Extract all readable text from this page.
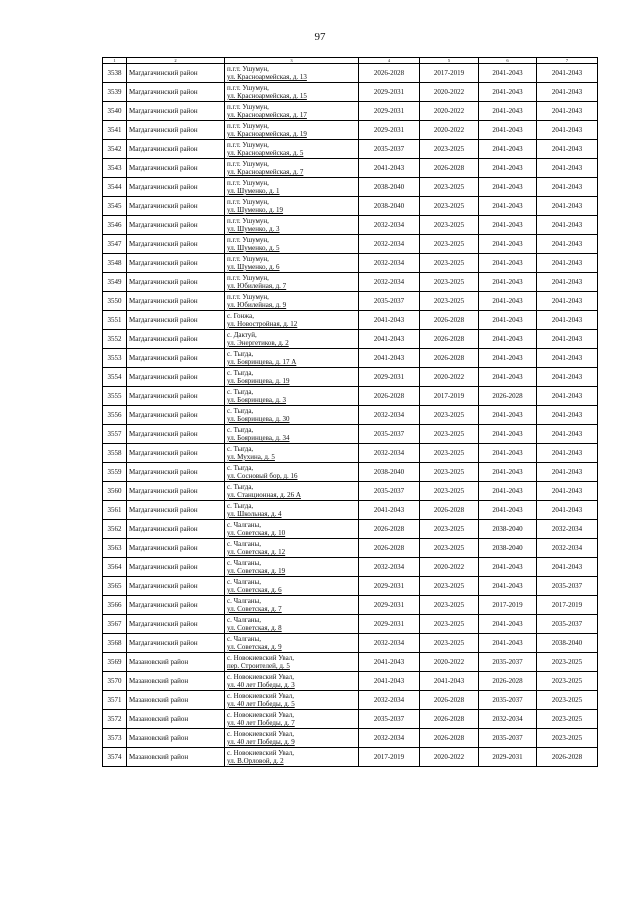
97
1	2	3	4	5	6	7
3538	Магдагачинский район	п.г.т. Ушумун,
ул. Красноармейская, д. 13	2026-2028	2017-2019	2041-2043	2041-2043
3539	Магдагачинский район	п.г.т. Ушумун,
ул. Красноармейская, д. 15	2029-2031	2020-2022	2041-2043	2041-2043
3540	Магдагачинский район	п.г.т. Ушумун,
ул. Красноармейская, д. 17	2029-2031	2020-2022	2041-2043	2041-2043
3541	Магдагачинский район	п.г.т. Ушумун,
ул. Красноармейская, д. 19	2029-2031	2020-2022	2041-2043	2041-2043
3542	Магдагачинский район	п.г.т. Ушумун,
ул. Красноармейская, д. 5	2035-2037	2023-2025	2041-2043	2041-2043
3543	Магдагачинский район	п.г.т. Ушумун,
ул. Красноармейская, д. 7	2041-2043	2026-2028	2041-2043	2041-2043
3544	Магдагачинский район	п.г.т. Ушумун,
ул. Шуменко, д. 1	2038-2040	2023-2025	2041-2043	2041-2043
3545	Магдагачинский район	п.г.т. Ушумун,
ул. Шуменко, д. 19	2038-2040	2023-2025	2041-2043	2041-2043
3546	Магдагачинский район	п.г.т. Ушумун,
ул. Шуменко, д. 3	2032-2034	2023-2025	2041-2043	2041-2043
3547	Магдагачинский район	п.г.т. Ушумун,
ул. Шуменко, д. 5	2032-2034	2023-2025	2041-2043	2041-2043
3548	Магдагачинский район	п.г.т. Ушумун,
ул. Шуменко, д. 6	2032-2034	2023-2025	2041-2043	2041-2043
3549	Магдагачинский район	п.г.т. Ушумун,
ул. Юбилейная, д. 7	2032-2034	2023-2025	2041-2043	2041-2043
3550	Магдагачинский район	п.г.т. Ушумун,
ул. Юбилейная, д. 9	2035-2037	2023-2025	2041-2043	2041-2043
3551	Магдагачинский район	с. Гонжа,
ул. Новостройная, д. 12	2041-2043	2026-2028	2041-2043	2041-2043
3552	Магдагачинский район	с. Дактуй,
ул. Энергетиков, д. 2	2041-2043	2026-2028	2041-2043	2041-2043
3553	Магдагачинский район	с. Тыгда,
ул. Бояринцева, д. 17 А	2041-2043	2026-2028	2041-2043	2041-2043
3554	Магдагачинский район	с. Тыгда,
ул. Бояринцева, д. 19	2029-2031	2020-2022	2041-2043	2041-2043
3555	Магдагачинский район	с. Тыгда,
ул. Бояринцева, д. 3	2026-2028	2017-2019	2026-2028	2041-2043
3556	Магдагачинский район	с. Тыгда,
ул. Бояринцева, д. 30	2032-2034	2023-2025	2041-2043	2041-2043
3557	Магдагачинский район	с. Тыгда,
ул. Бояринцева, д. 34	2035-2037	2023-2025	2041-2043	2041-2043
3558	Магдагачинский район	с. Тыгда,
ул. Мухина, д. 5	2032-2034	2023-2025	2041-2043	2041-2043
3559	Магдагачинский район	с. Тыгда,
ул. Сосновый бор, д. 16	2038-2040	2023-2025	2041-2043	2041-2043
3560	Магдагачинский район	с. Тыгда,
ул. Станционная, д. 26 А	2035-2037	2023-2025	2041-2043	2041-2043
3561	Магдагачинский район	с. Тыгда,
ул. Школьная, д. 4	2041-2043	2026-2028	2041-2043	2041-2043
3562	Магдагачинский район	с. Чалганы,
ул. Советская, д. 10	2026-2028	2023-2025	2038-2040	2032-2034
3563	Магдагачинский район	с. Чалганы,
ул. Советская, д. 12	2026-2028	2023-2025	2038-2040	2032-2034
3564	Магдагачинский район	с. Чалганы,
ул. Советская, д. 19	2032-2034	2020-2022	2041-2043	2041-2043
3565	Магдагачинский район	с. Чалганы,
ул. Советская, д. 6	2029-2031	2023-2025	2041-2043	2035-2037
3566	Магдагачинский район	с. Чалганы,
ул. Советская, д. 7	2029-2031	2023-2025	2017-2019	2017-2019
3567	Магдагачинский район	с. Чалганы,
ул. Советская, д. 8	2029-2031	2023-2025	2041-2043	2035-2037
3568	Магдагачинский район	с. Чалганы,
ул. Советская, д. 9	2032-2034	2023-2025	2041-2043	2038-2040
3569	Мазановский район	с. Новокиевский Увал,
пер. Строителей, д. 5	2041-2043	2020-2022	2035-2037	2023-2025
3570	Мазановский район	с. Новокиевский Увал,
ул. 40 лет Победы, д. 3	2041-2043	2041-2043	2026-2028	2023-2025
3571	Мазановский район	с. Новокиевский Увал,
ул. 40 лет Победы, д. 5	2032-2034	2026-2028	2035-2037	2023-2025
3572	Мазановский район	с. Новокиевский Увал,
ул. 40 лет Победы, д. 7	2035-2037	2026-2028	2032-2034	2023-2025
3573	Мазановский район	с. Новокиевский Увал,
ул. 40 лет Победы, д. 9	2032-2034	2026-2028	2035-2037	2023-2025
3574	Мазановский район	с. Новокиевский Увал,
ул. В.Орловой, д. 2	2017-2019	2020-2022	2029-2031	2026-2028
